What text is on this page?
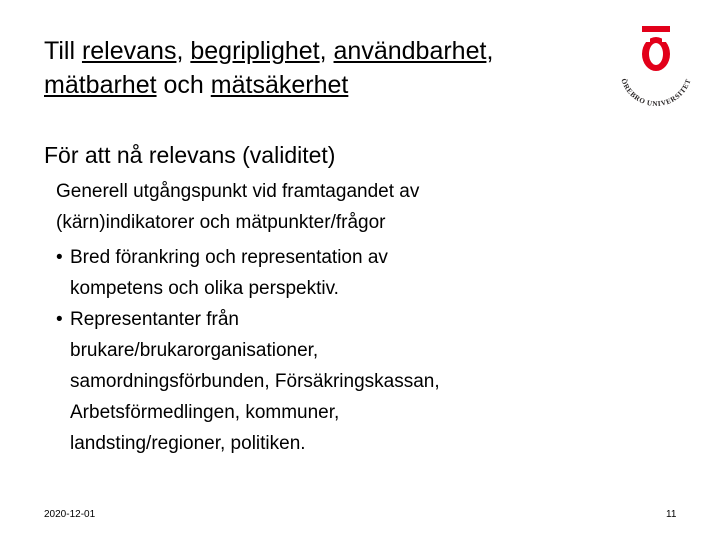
Till relevans, begriplighet, användbarhet,
mätbarhet och mätsäkerhet	ÖREBRO UNIVERSITET
För att nå relevans (validitet)
Generell utgångspunkt vid framtagandet av
(kärn)indikatorer och mätpunkter/frågor
• Bred förankring och representation av
kompetens och olika perspektiv.
• Representanter från
brukare/brukarorganisationer,
samordningsförbunden, Försäkringskassan,
Arbetsförmedlingen, kommuner,
landsting/regioner, politiken.
2020-12-01	11
